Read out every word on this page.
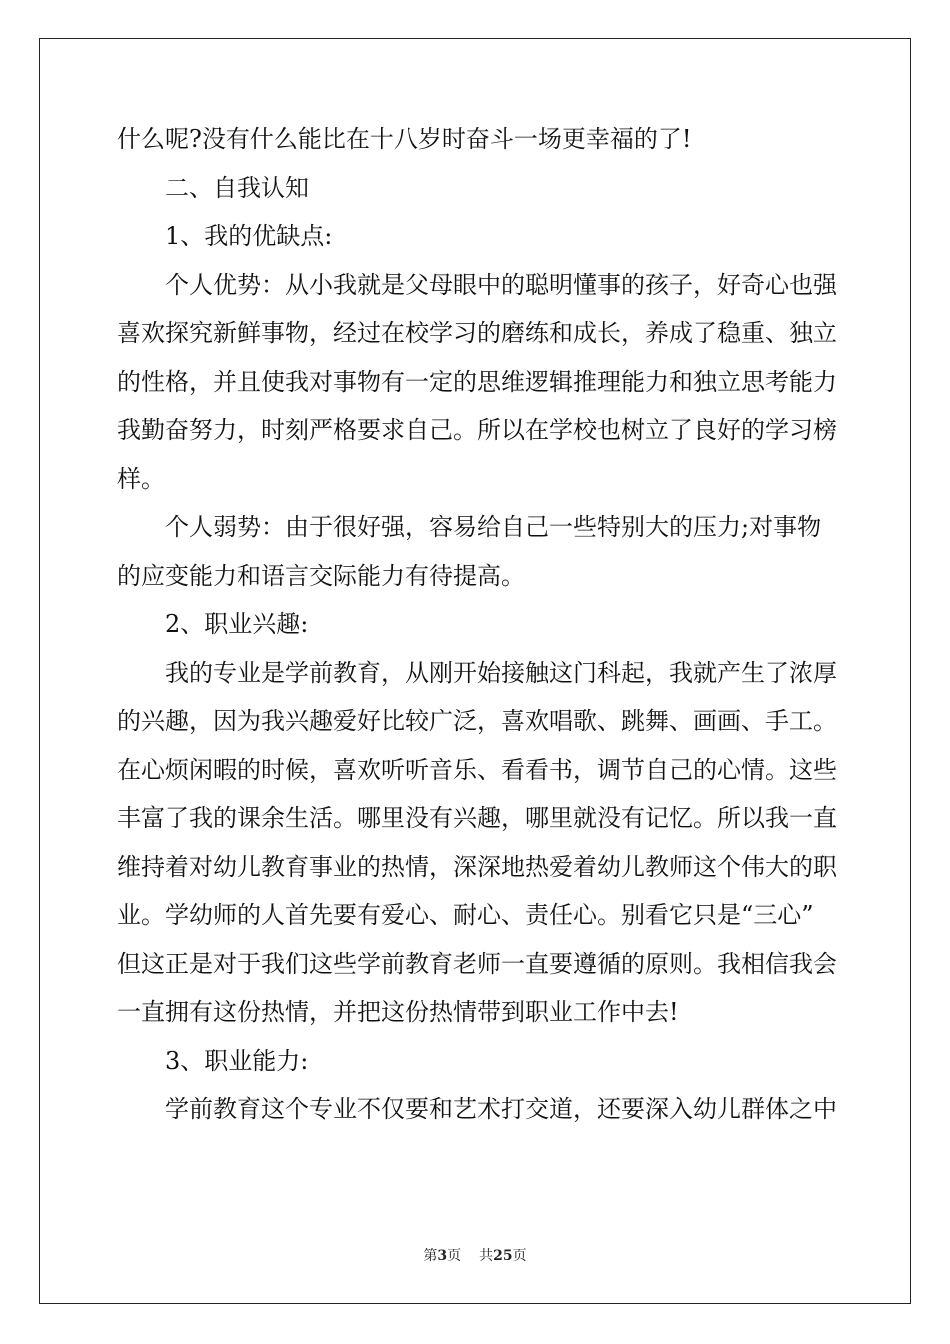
什么呢?没有什么能比在十八岁时奋斗一场更幸福的了!
二、自我认知
1、我的优缺点:
个人优势：从小我就是父母眼中的聪明懂事的孩子，好奇心也强
喜欢探究新鲜事物，经过在校学习的磨练和成长，养成了稳重、独立
的性格，并且使我对事物有一定的思维逻辑推理能力和独立思考能力
我勤奋努力，时刻严格要求自己。所以在学校也树立了良好的学习榜
样。
个人弱势：由于很好强，容易给自己一些特别大的压力;对事物
的应变能力和语言交际能力有待提高。
2、职业兴趣:
我的专业是学前教育，从刚开始接触这门科起，我就产生了浓厚
的兴趣，因为我兴趣爱好比较广泛，喜欢唱歌、跳舞、画画、手工。
在心烦闲暇的时候，喜欢听听音乐、看看书，调节自己的心情。这些
丰富了我的课余生活。哪里没有兴趣，哪里就没有记忆。所以我一直
维持着对幼儿教育事业的热情，深深地热爱着幼儿教师这个伟大的职
业。学幼师的人首先要有爱心、耐心、责任心。别看它只是“三心”
但这正是对于我们这些学前教育老师一直要遵循的原则。我相信我会
一直拥有这份热情，并把这份热情带到职业工作中去!
3、职业能力:
学前教育这个专业不仅要和艺术打交道，还要深入幼儿群体之中
第3页 共25页
